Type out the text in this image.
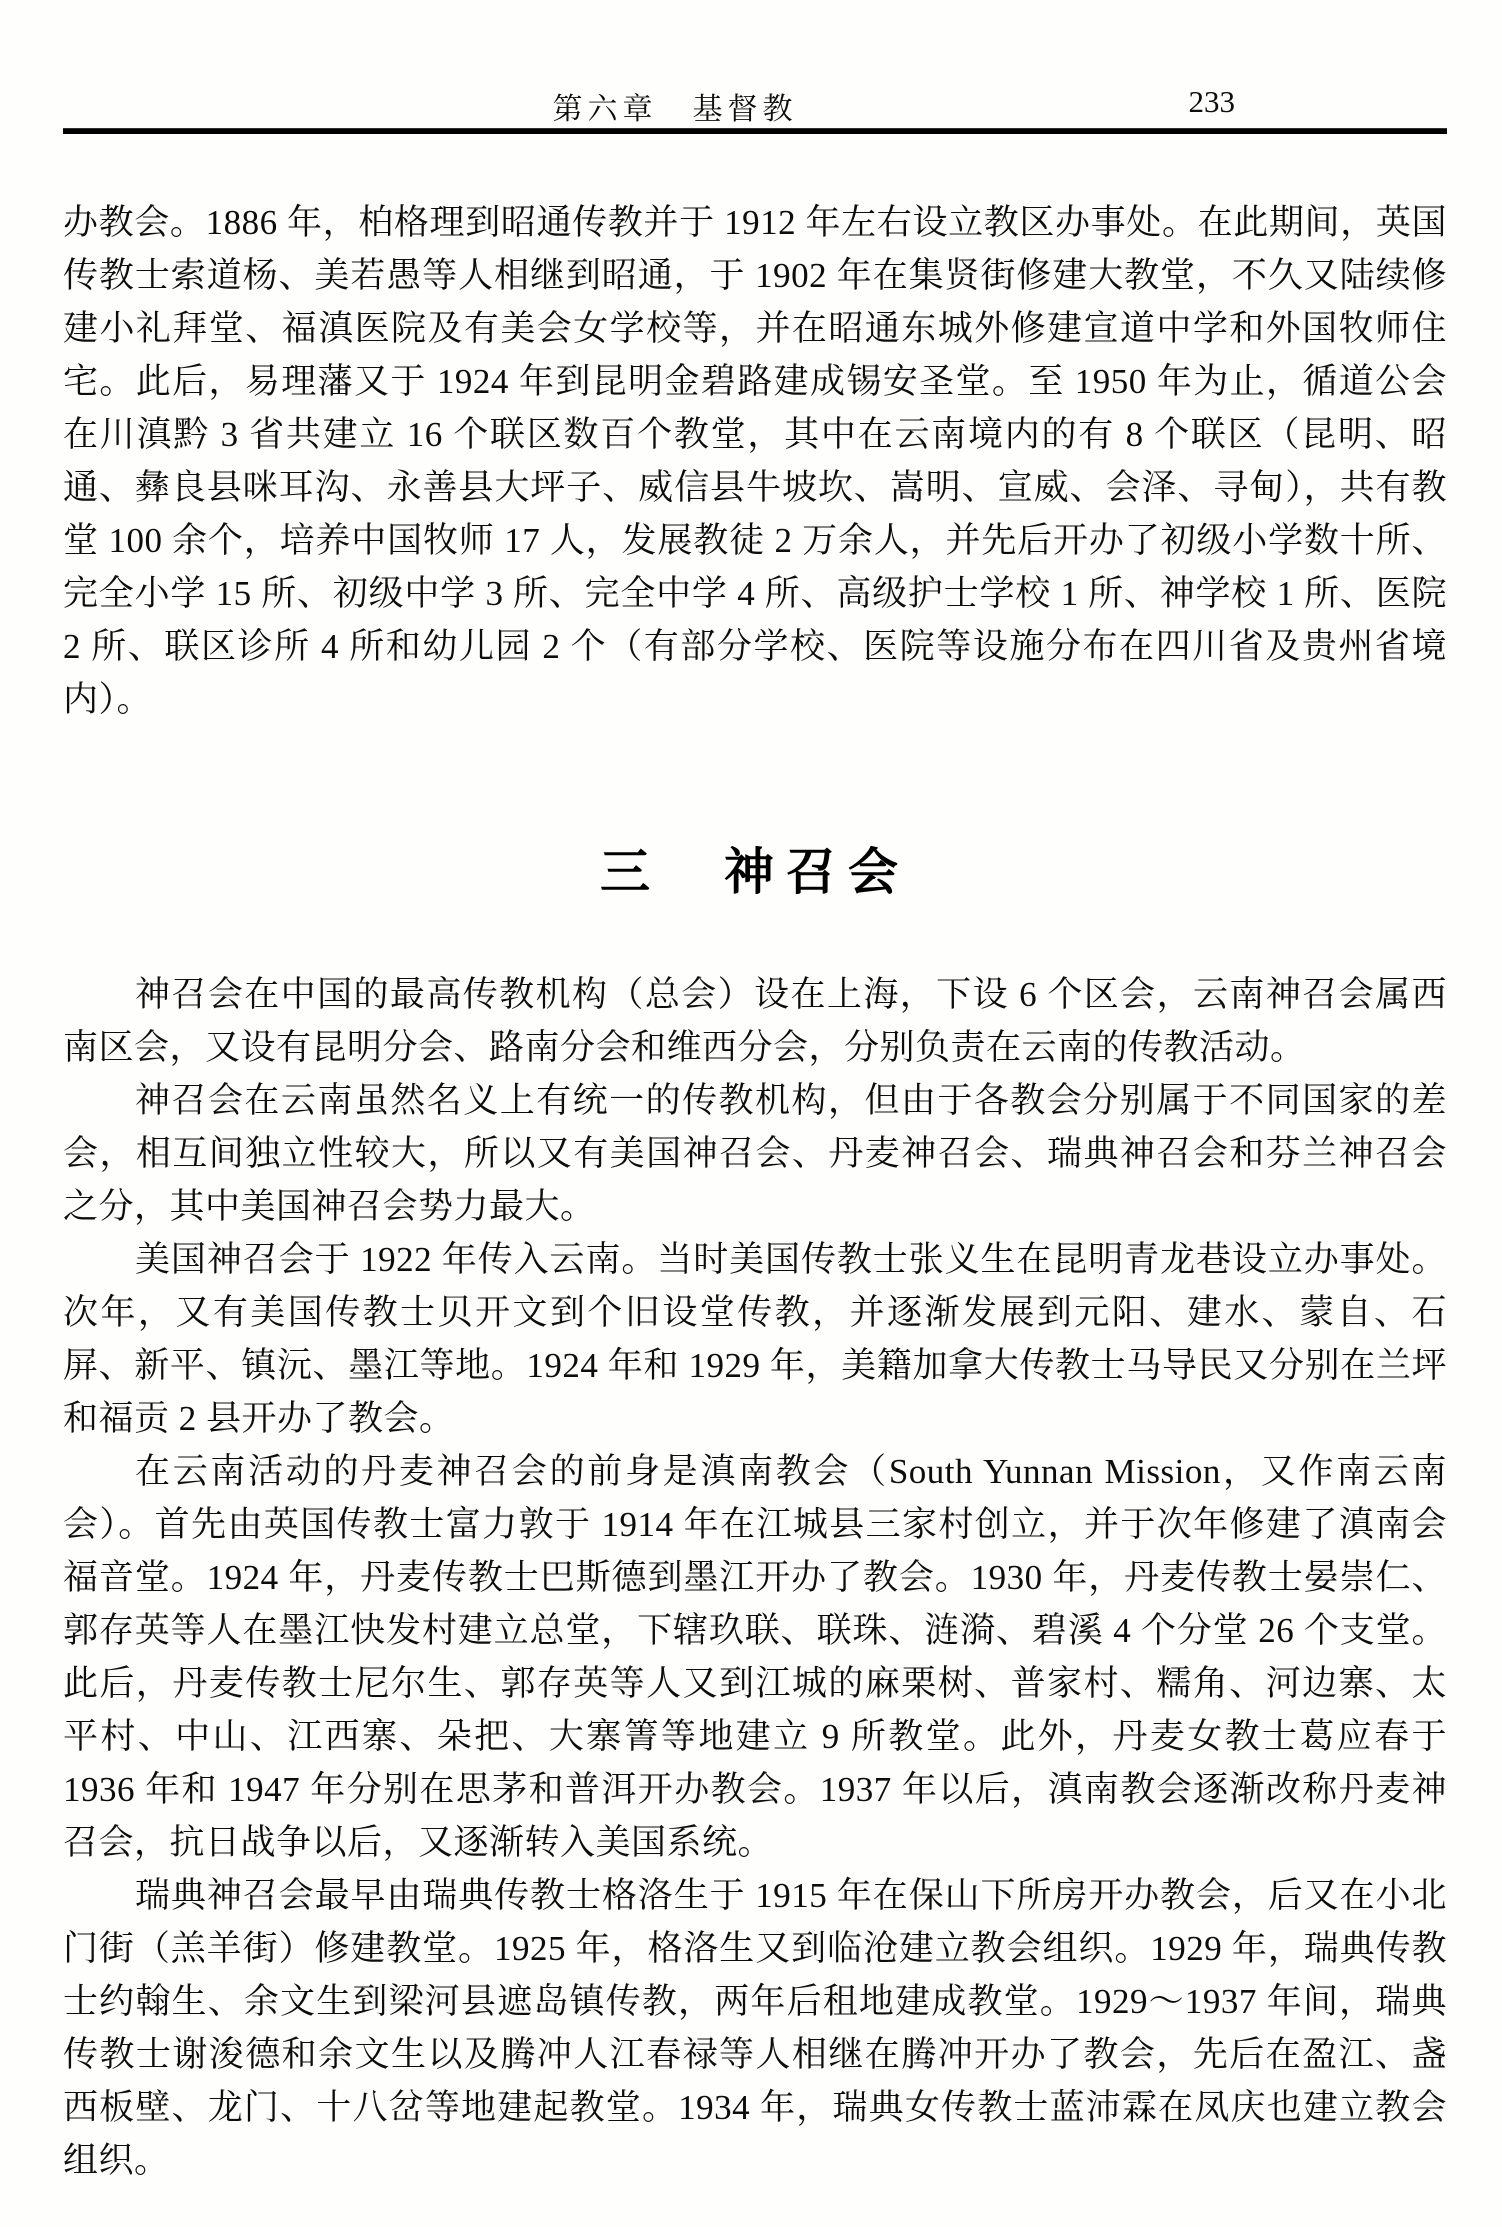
第六章　基督教	233

办教会。1886 年，柏格理到昭通传教并于 1912 年左右设立教区办事处。在此期间，英国传教士索道杨、美若愚等人相继到昭通，于 1902 年在集贤街修建大教堂，不久又陆续修建小礼拜堂、福滇医院及有美会女学校等，并在昭通东城外修建宣道中学和外国牧师住宅。此后，易理藩又于 1924 年到昆明金碧路建成锡安圣堂。至 1950 年为止，循道公会在川滇黔 3 省共建立 16 个联区数百个教堂，其中在云南境内的有 8 个联区（昆明、昭通、彝良县咪耳沟、永善县大坪子、威信县牛坡坎、嵩明、宣威、会泽、寻甸），共有教堂 100 余个，培养中国牧师 17 人，发展教徒 2 万余人，并先后开办了初级小学数十所、完全小学 15 所、初级中学 3 所、完全中学 4 所、高级护士学校 1 所、神学校 1 所、医院 2 所、联区诊所 4 所和幼儿园 2 个（有部分学校、医院等设施分布在四川省及贵州省境内）。

三　神召会

神召会在中国的最高传教机构（总会）设在上海，下设 6 个区会，云南神召会属西南区会，又设有昆明分会、路南分会和维西分会，分别负责在云南的传教活动。

神召会在云南虽然名义上有统一的传教机构，但由于各教会分别属于不同国家的差会，相互间独立性较大，所以又有美国神召会、丹麦神召会、瑞典神召会和芬兰神召会之分，其中美国神召会势力最大。

美国神召会于 1922 年传入云南。当时美国传教士张义生在昆明青龙巷设立办事处。次年，又有美国传教士贝开文到个旧设堂传教，并逐渐发展到元阳、建水、蒙自、石屏、新平、镇沅、墨江等地。1924 年和 1929 年，美籍加拿大传教士马导民又分别在兰坪和福贡 2 县开办了教会。

在云南活动的丹麦神召会的前身是滇南教会（South Yunnan Mission，又作南云南会）。首先由英国传教士富力敦于 1914 年在江城县三家村创立，并于次年修建了滇南会福音堂。1924 年，丹麦传教士巴斯德到墨江开办了教会。1930 年，丹麦传教士晏崇仁、郭存英等人在墨江快发村建立总堂，下辖玖联、联珠、涟漪、碧溪 4 个分堂 26 个支堂。此后，丹麦传教士尼尔生、郭存英等人又到江城的麻栗树、普家村、糯角、河边寨、太平村、中山、江西寨、朵把、大寨箐等地建立 9 所教堂。此外，丹麦女教士葛应春于 1936 年和 1947 年分别在思茅和普洱开办教会。1937 年以后，滇南教会逐渐改称丹麦神召会，抗日战争以后，又逐渐转入美国系统。

瑞典神召会最早由瑞典传教士格洛生于 1915 年在保山下所房开办教会，后又在小北门街（羔羊街）修建教堂。1925 年，格洛生又到临沧建立教会组织。1929 年，瑞典传教士约翰生、余文生到梁河县遮岛镇传教，两年后租地建成教堂。1929～1937 年间，瑞典传教士谢浚德和余文生以及腾冲人江春禄等人相继在腾冲开办了教会，先后在盈江、盏西板壁、龙门、十八岔等地建起教堂。1934 年，瑞典女传教士蓝沛霖在凤庆也建立教会组织。
